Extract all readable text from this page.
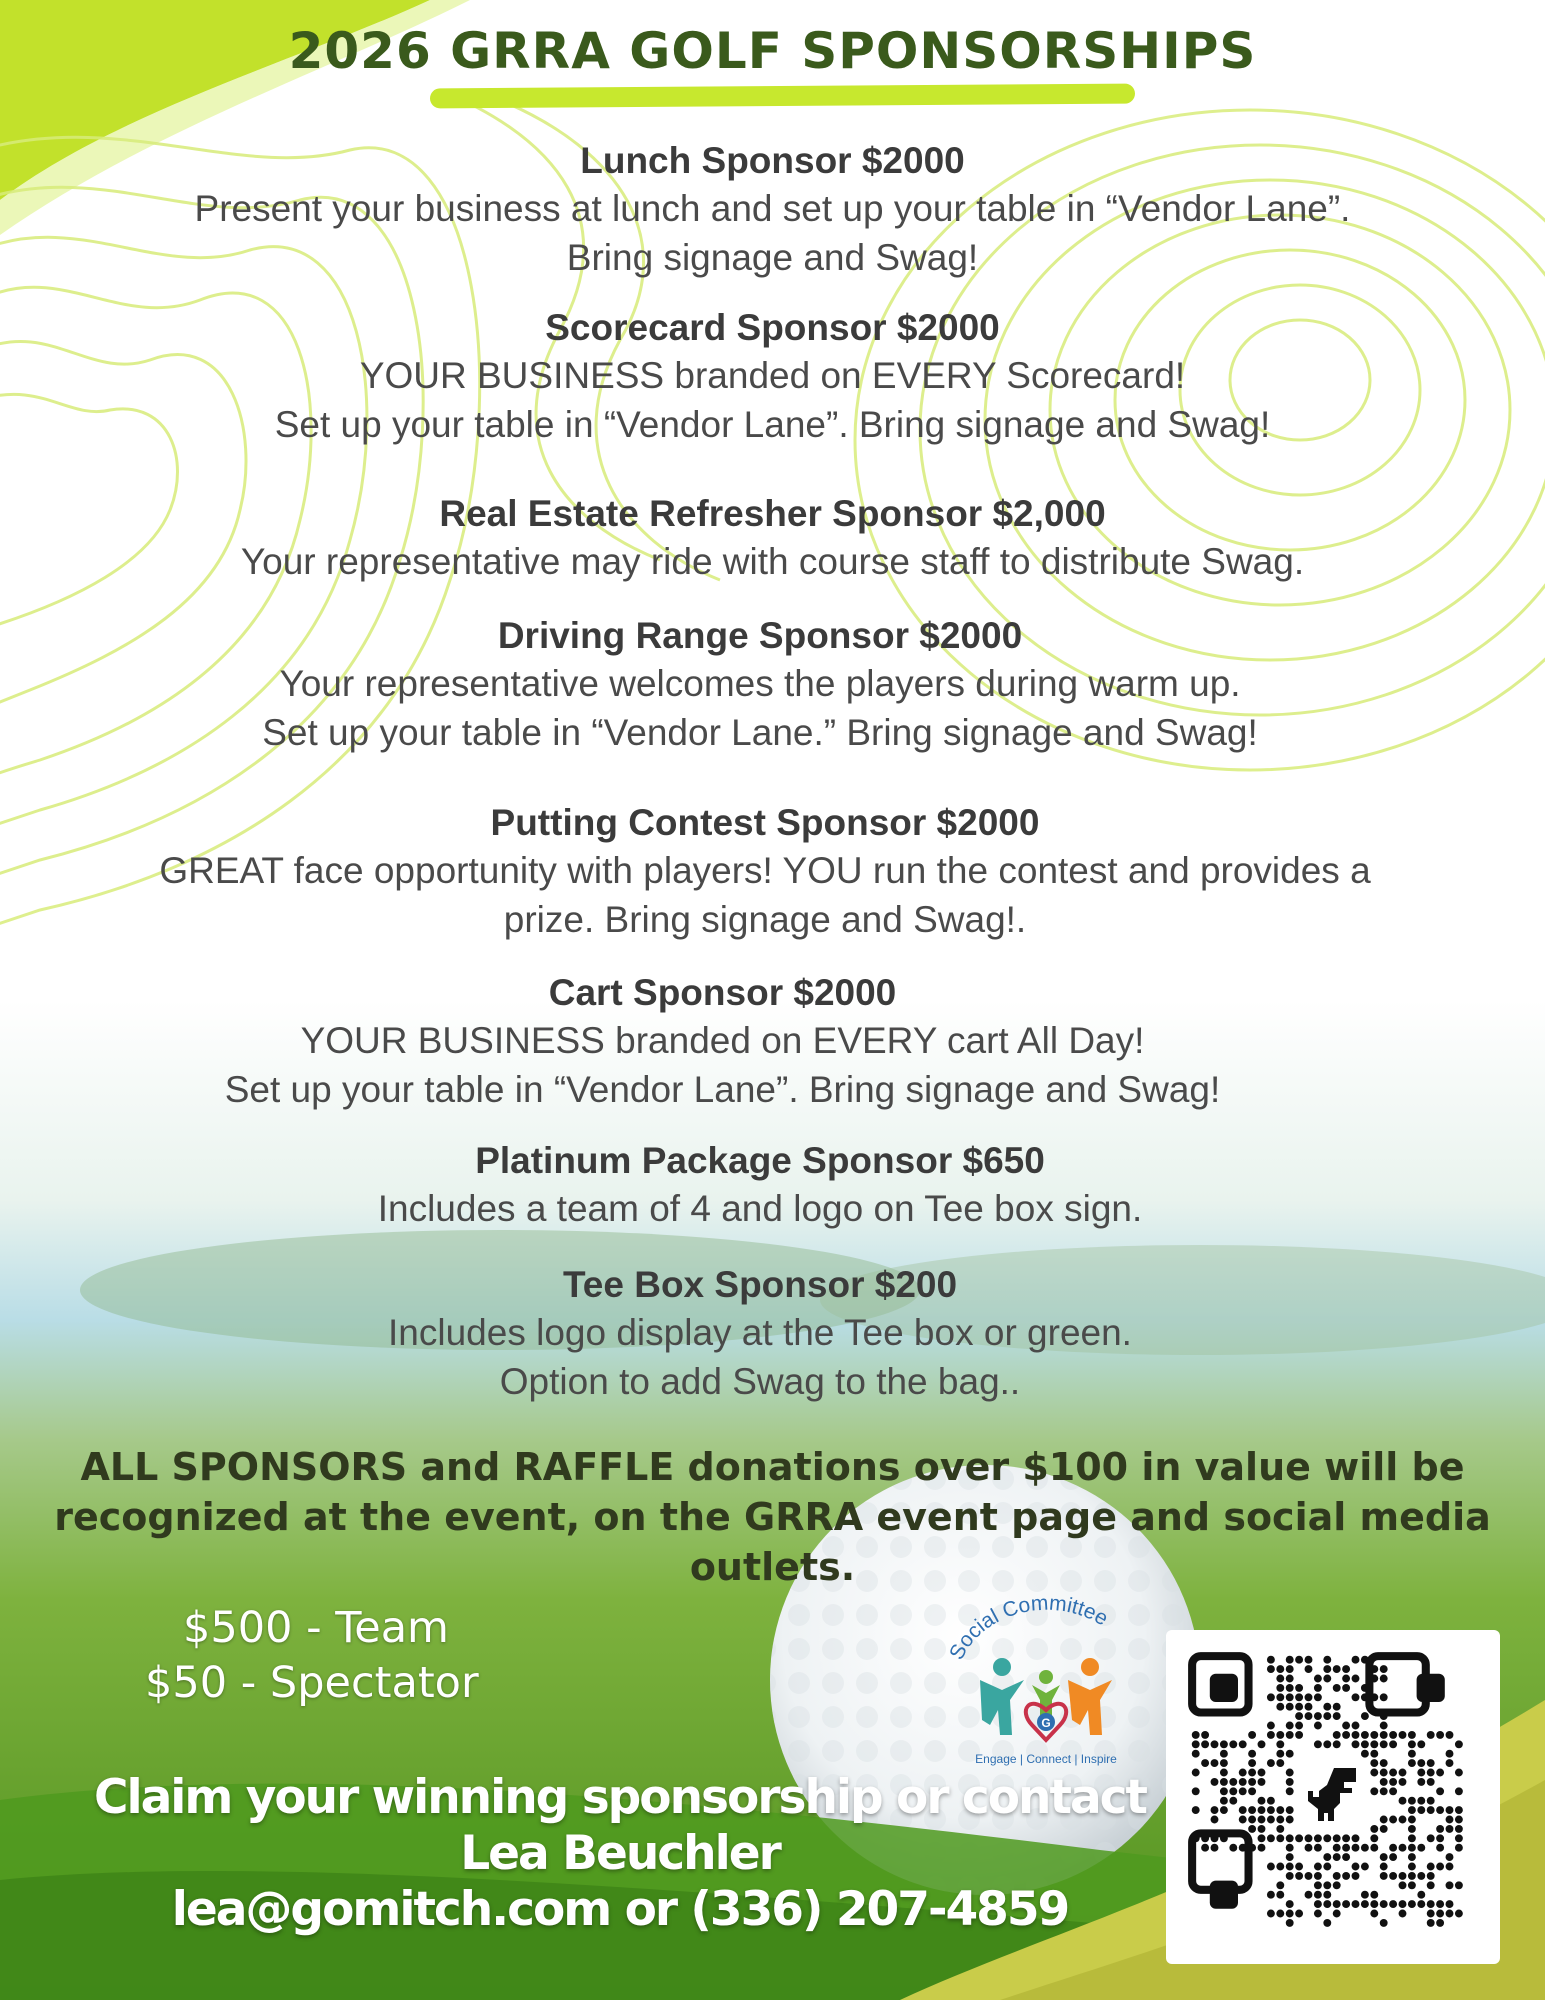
2026 GRRA GOLF SPONSORSHIPS
Lunch Sponsor $2000
Present your business at lunch and set up your table in “Vendor Lane”.
Bring signage and Swag!
Scorecard Sponsor $2000
YOUR BUSINESS branded on EVERY Scorecard!
Set up your table in “Vendor Lane”. Bring signage and Swag!
Real Estate Refresher Sponsor $2,000
Your representative may ride with course staff to distribute Swag.
Driving Range Sponsor $2000
Your representative welcomes the players during warm up.
Set up your table in “Vendor Lane.” Bring signage and Swag!
Putting Contest Sponsor $2000
GREAT face opportunity with players! YOU run the contest and provides a
prize. Bring signage and Swag!.
Cart Sponsor $2000
YOUR BUSINESS branded on EVERY cart All Day!
Set up your table in “Vendor Lane”. Bring signage and Swag!
Platinum Package Sponsor $650
Includes a team of 4 and logo on Tee box sign.
Tee Box Sponsor $200
Includes logo display at the Tee box or green.
Option to add Swag to the bag..
ALL SPONSORS and RAFFLE donations over $100 in value will be
recognized at the event, on the GRRA event page and social media
outlets.
$500 - Team
$50 - Spectator
Social Committee
G
Engage | Connect | Inspire
Claim your winning sponsorship or contact
Lea Beuchler
lea@gomitch.com or (336) 207-4859
